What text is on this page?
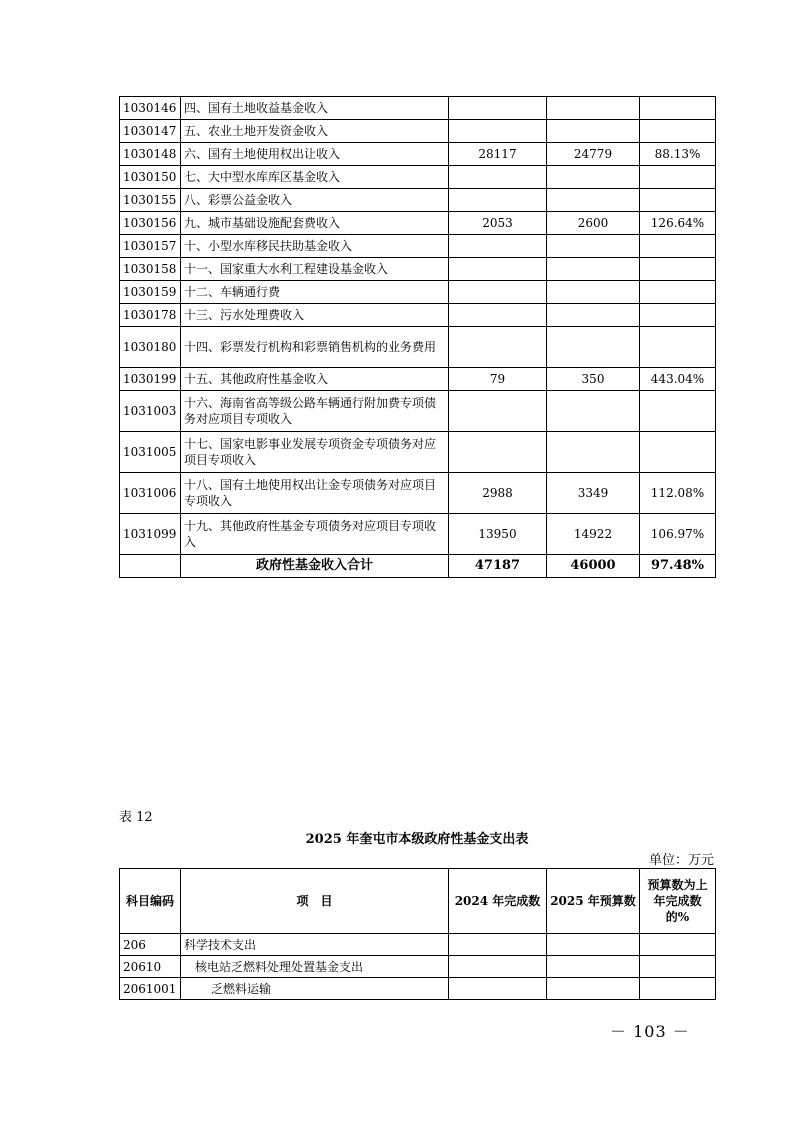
1030146	四、国有土地收益基金收入			
1030147	五、农业土地开发资金收入			
1030148	六、国有土地使用权出让收入	28117	24779	88.13%
1030150	七、大中型水库库区基金收入			
1030155	八、彩票公益金收入			
1030156	九、城市基础设施配套费收入	2053	2600	126.64%
1030157	十、小型水库移民扶助基金收入			
1030158	十一、国家重大水利工程建设基金收入			
1030159	十二、车辆通行费			
1030178	十三、污水处理费收入			
1030180	十四、彩票发行机构和彩票销售机构的业务费用			
1030199	十五、其他政府性基金收入	79	350	443.04%
1031003	十六、海南省高等级公路车辆通行附加费专项债务对应项目专项收入			
1031005	十七、国家电影事业发展专项资金专项债务对应项目专项收入			
1031006	十八、国有土地使用权出让金专项债务对应项目专项收入	2988	3349	112.08%
1031099	十九、其他政府性基金专项债务对应项目专项收入	13950	14922	106.97%
	政府性基金收入合计	47187	46000	97.48%
表 12
2025 年奎屯市本级政府性基金支出表
单位：万元
科目编码	项　目	2024 年完成数	2025 年预算数	预算数为上年完成数的%
206	科学技术支出			
20610	核电站乏燃料处理处置基金支出			
2061001	乏燃料运输			
－ 103 －
